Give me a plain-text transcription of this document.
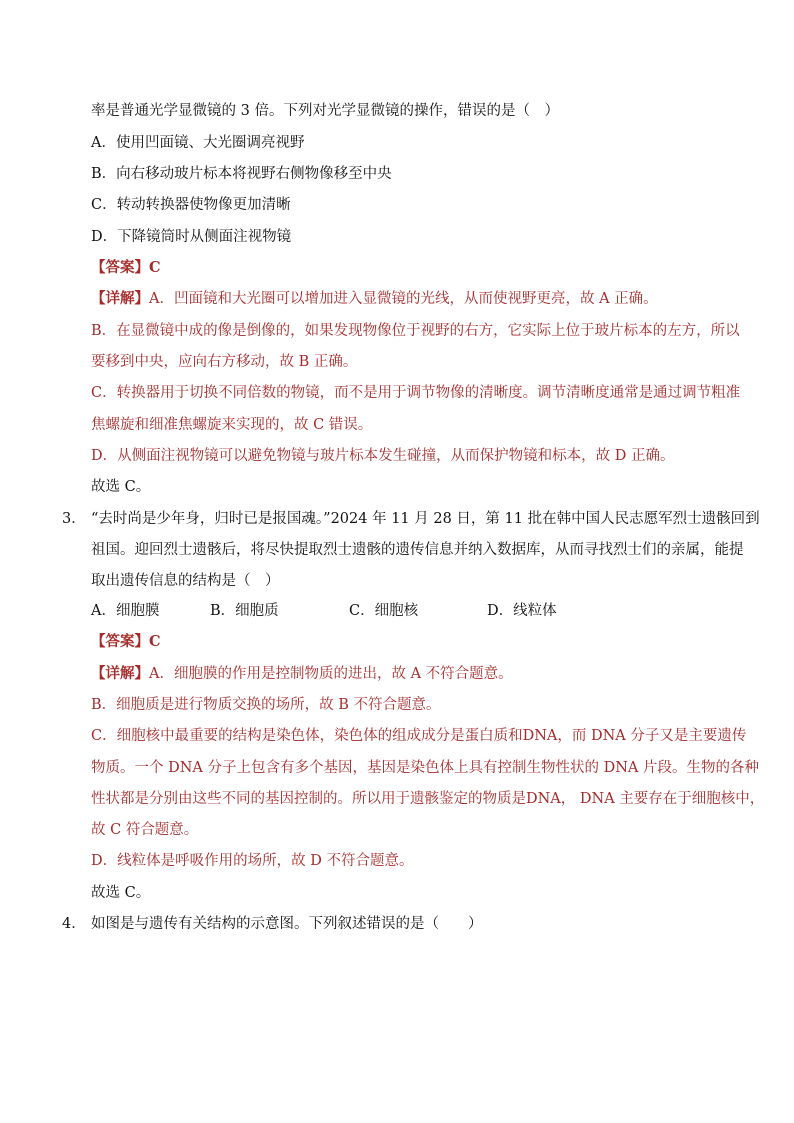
率是普通光学显微镜的 3 倍。下列对光学显微镜的操作，错误的是（　）
A．使用凹面镜、大光圈调亮视野
B．向右移动玻片标本将视野右侧物像移至中央
C．转动转换器使物像更加清晰
D．下降镜筒时从侧面注视物镜
【答案】C
【详解】A．凹面镜和大光圈可以增加进入显微镜的光线，从而使视野更亮，故 A 正确。
B．在显微镜中成的像是倒像的，如果发现物像位于视野的右方，它实际上位于玻片标本的左方，所以
要移到中央，应向右方移动，故 B 正确。
C．转换器用于切换不同倍数的物镜，而不是用于调节物像的清晰度。调节清晰度通常是通过调节粗准
焦螺旋和细准焦螺旋来实现的，故 C 错误。
D．从侧面注视物镜可以避免物镜与玻片标本发生碰撞，从而保护物镜和标本，故 D 正确。
故选 C。
3． “去时尚是少年身，归时已是报国魂。”2024 年 11 月 28 日，第 11 批在韩中国人民志愿军烈士遗骸回到
祖国。迎回烈士遗骸后，将尽快提取烈士遗骸的遗传信息并纳入数据库，从而寻找烈士们的亲属，能提
取出遗传信息的结构是（　）
A．细胞膜	B．细胞质	C．细胞核	D．线粒体
【答案】C
【详解】A．细胞膜的作用是控制物质的进出，故 A 不符合题意。
B．细胞质是进行物质交换的场所，故 B 不符合题意。
C．细胞核中最重要的结构是染色体，染色体的组成成分是蛋白质和DNA，而 DNA 分子又是主要遗传
物质。一个 DNA 分子上包含有多个基因，基因是染色体上具有控制生物性状的 DNA 片段。生物的各种
性状都是分别由这些不同的基因控制的。所以用于遗骸鉴定的物质是DNA， DNA 主要存在于细胞核中，
故 C 符合题意。
D．线粒体是呼吸作用的场所，故 D 不符合题意。
故选 C。
4． 如图是与遗传有关结构的示意图。下列叙述错误的是（　　）
